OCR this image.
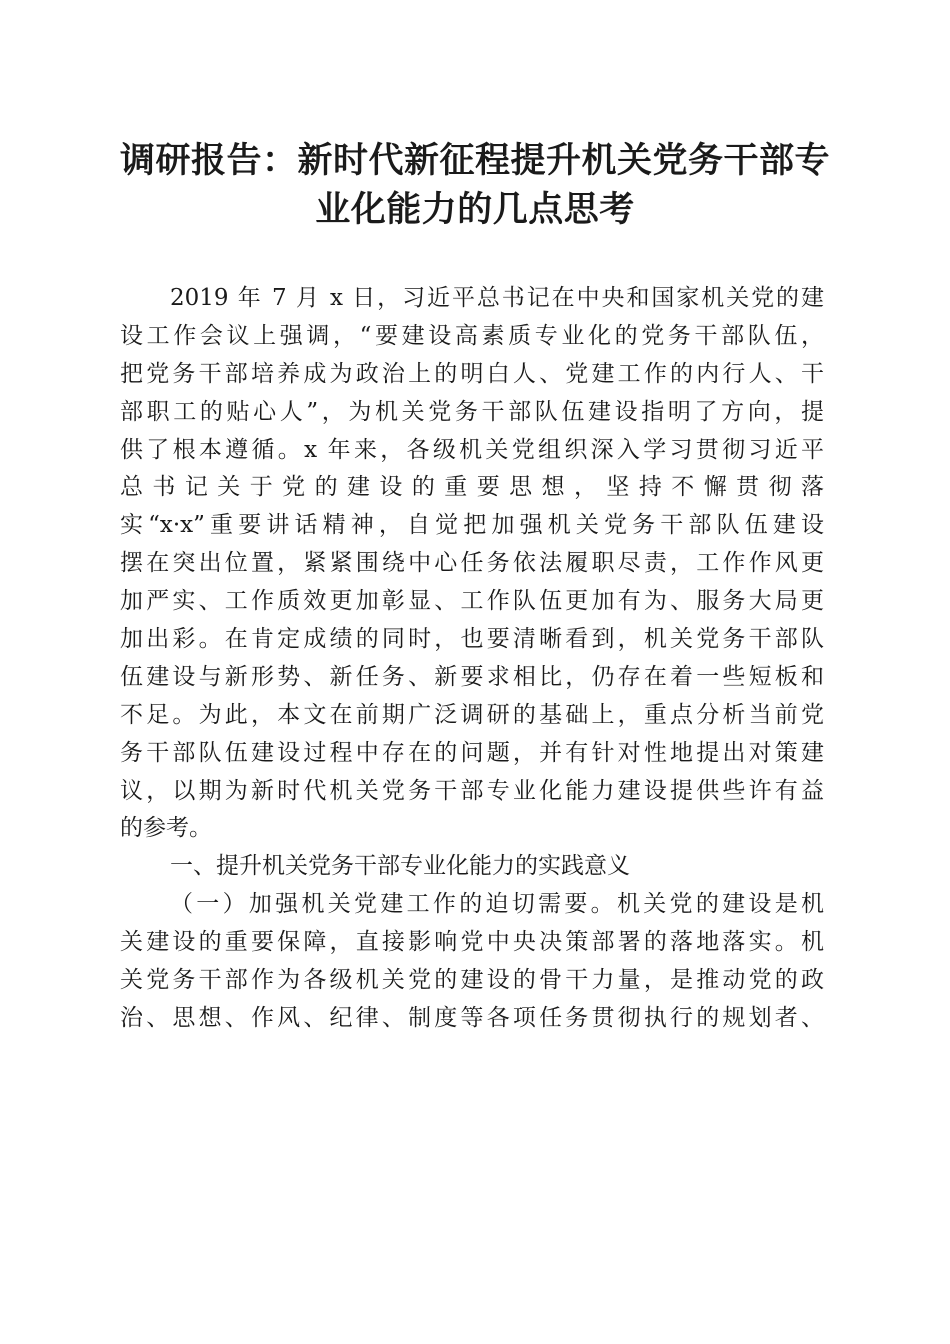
调研报告：新时代新征程提升机关党务干部专
业化能力的几点思考
2019 年 7 月 x 日，习近平总书记在中央和国家机关党的建
设工作会议上强调，“要建设高素质专业化的党务干部队伍，
把党务干部培养成为政治上的明白人、党建工作的内行人、干
部职工的贴心人”，为机关党务干部队伍建设指明了方向，提
供了根本遵循。x 年来，各级机关党组织深入学习贯彻习近平
总书记关于党的建设的重要思想，坚持不懈贯彻落
实“x·x”重要讲话精神，自觉把加强机关党务干部队伍建设
摆在突出位置，紧紧围绕中心任务依法履职尽责，工作作风更
加严实、工作质效更加彰显、工作队伍更加有为、服务大局更
加出彩。在肯定成绩的同时，也要清晰看到，机关党务干部队
伍建设与新形势、新任务、新要求相比，仍存在着一些短板和
不足。为此，本文在前期广泛调研的基础上，重点分析当前党
务干部队伍建设过程中存在的问题，并有针对性地提出对策建
议，以期为新时代机关党务干部专业化能力建设提供些许有益
的参考。
一、提升机关党务干部专业化能力的实践意义
（一）加强机关党建工作的迫切需要。机关党的建设是机
关建设的重要保障，直接影响党中央决策部署的落地落实。机
关党务干部作为各级机关党的建设的骨干力量，是推动党的政
治、思想、作风、纪律、制度等各项任务贯彻执行的规划者、
